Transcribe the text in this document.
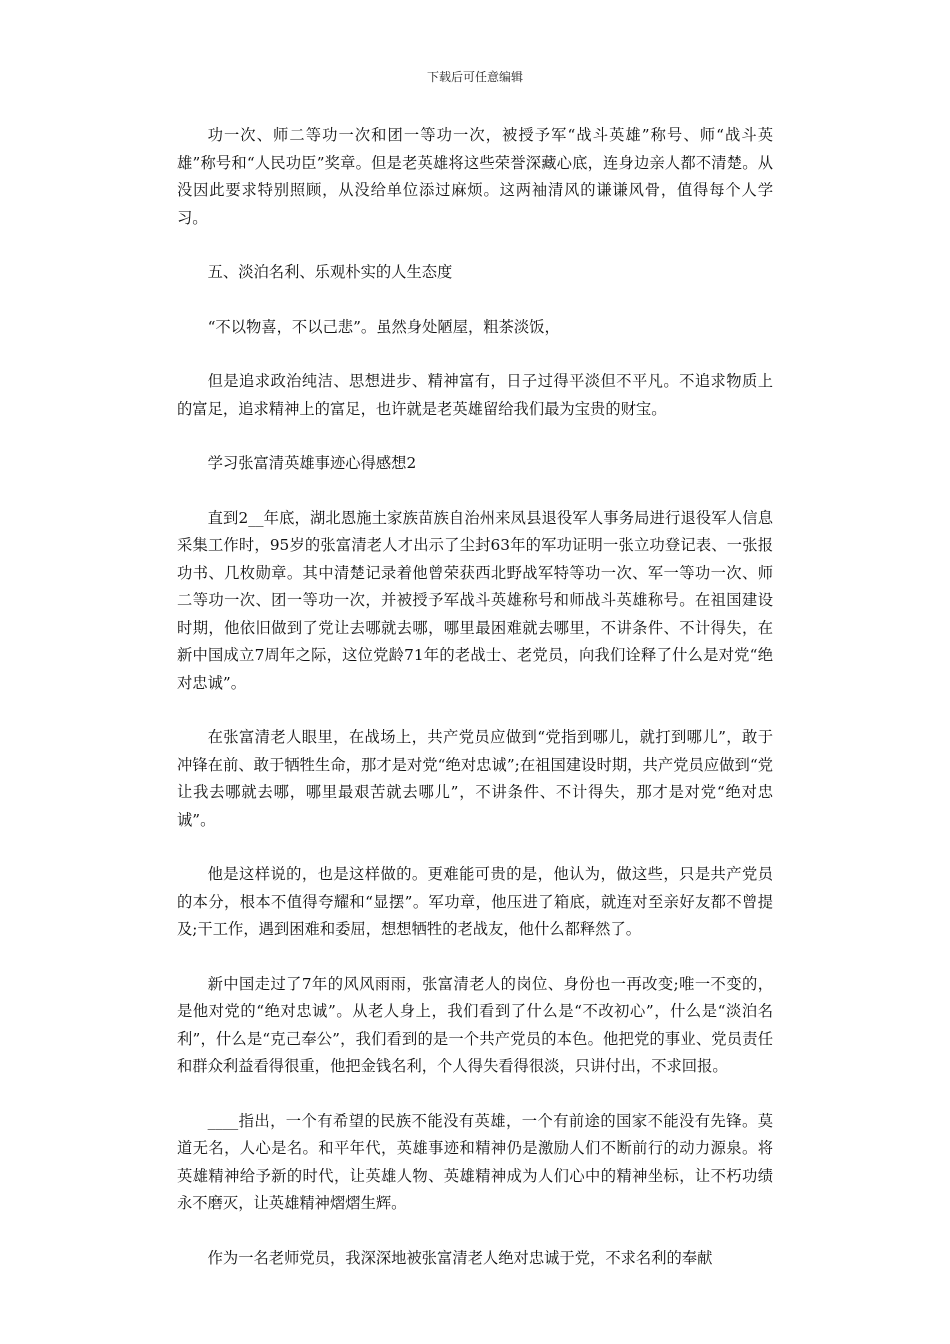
下载后可任意编辑

功一次、师二等功一次和团一等功一次，被授予军“战斗英雄”称号、师“战斗英雄”称号和“人民功臣”奖章。但是老英雄将这些荣誉深藏心底，连身边亲人都不清楚。从没因此要求特别照顾，从没给单位添过麻烦。这两袖清风的谦谦风骨，值得每个人学习。

五、淡泊名利、乐观朴实的人生态度

“不以物喜，不以己悲”。虽然身处陋屋，粗茶淡饭，

但是追求政治纯洁、思想进步、精神富有，日子过得平淡但不平凡。不追求物质上的富足，追求精神上的富足，也许就是老英雄留给我们最为宝贵的财宝。

学习张富清英雄事迹心得感想2

直到2__年底，湖北恩施土家族苗族自治州来凤县退役军人事务局进行退役军人信息采集工作时，95岁的张富清老人才出示了尘封63年的军功证明一张立功登记表、一张报功书、几枚勋章。其中清楚记录着他曾荣获西北野战军特等功一次、军一等功一次、师二等功一次、团一等功一次，并被授予军战斗英雄称号和师战斗英雄称号。在祖国建设时期，他依旧做到了党让去哪就去哪，哪里最困难就去哪里，不讲条件、不计得失，在新中国成立7周年之际，这位党龄71年的老战士、老党员，向我们诠释了什么是对党“绝对忠诚”。

在张富清老人眼里，在战场上，共产党员应做到“党指到哪儿，就打到哪儿”，敢于冲锋在前、敢于牺牲生命，那才是对党“绝对忠诚”;在祖国建设时期，共产党员应做到“党让我去哪就去哪，哪里最艰苦就去哪儿”，不讲条件、不计得失，那才是对党“绝对忠诚”。

他是这样说的，也是这样做的。更难能可贵的是，他认为，做这些，只是共产党员的本分，根本不值得夸耀和“显摆”。军功章，他压进了箱底，就连对至亲好友都不曾提及;干工作，遇到困难和委屈，想想牺牲的老战友，他什么都释然了。

新中国走过了7年的风风雨雨，张富清老人的岗位、身份也一再改变;唯一不变的，是他对党的“绝对忠诚”。从老人身上，我们看到了什么是“不改初心”，什么是“淡泊名利”，什么是“克己奉公”，我们看到的是一个共产党员的本色。他把党的事业、党员责任和群众利益看得很重，他把金钱名利，个人得失看得很淡，只讲付出，不求回报。

____指出，一个有希望的民族不能没有英雄，一个有前途的国家不能没有先锋。莫道无名，人心是名。和平年代，英雄事迹和精神仍是激励人们不断前行的动力源泉。将英雄精神给予新的时代，让英雄人物、英雄精神成为人们心中的精神坐标，让不朽功绩永不磨灭，让英雄精神熠熠生辉。

作为一名老师党员，我深深地被张富清老人绝对忠诚于党，不求名利的奉献
